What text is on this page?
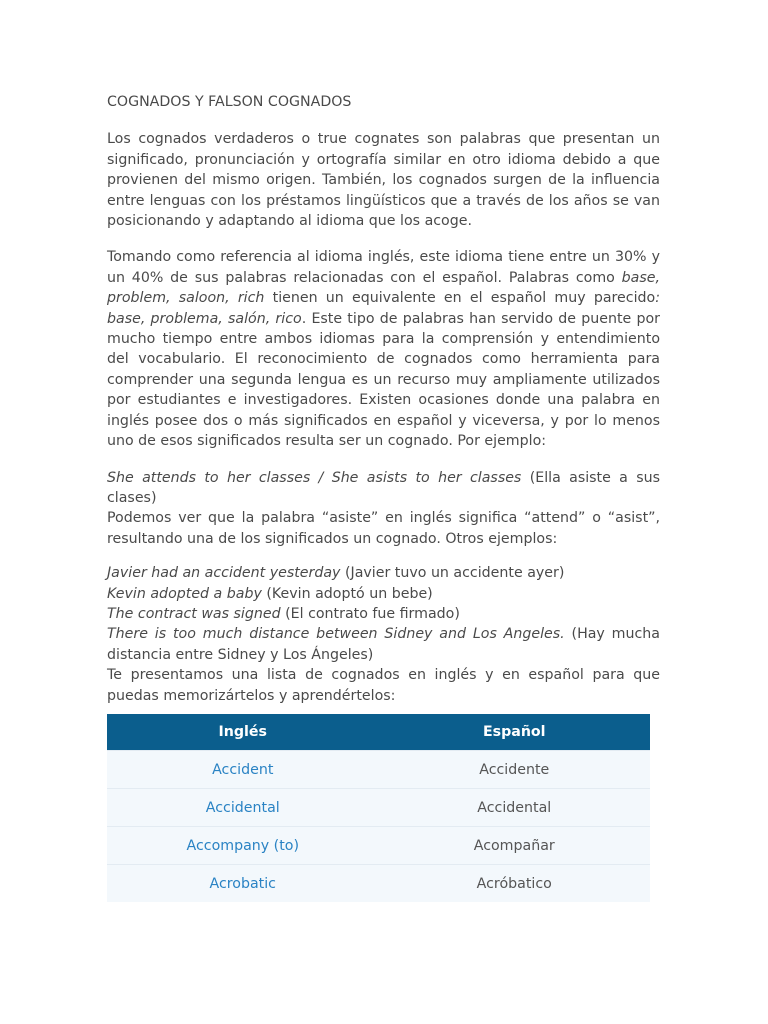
COGNADOS Y FALSON COGNADOS

Los cognados verdaderos o true cognates son palabras que presentan un significado, pronunciación y ortografía similar en otro idioma debido a que provienen del mismo origen. También, los cognados surgen de la influencia entre lenguas con los préstamos lingüísticos que a través de los años se van posicionando y adaptando al idioma que los acoge.

Tomando como referencia al idioma inglés, este idioma tiene entre un 30% y un 40% de sus palabras relacionadas con el español. Palabras como base, problem, saloon, rich tienen un equivalente en el español muy parecido: base, problema, salón, rico. Este tipo de palabras han servido de puente por mucho tiempo entre ambos idiomas para la comprensión y entendimiento del vocabulario. El reconocimiento de cognados como herramienta para comprender una segunda lengua es un recurso muy ampliamente utilizados por estudiantes e investigadores. Existen ocasiones donde una palabra en inglés posee dos o más significados en español y viceversa, y por lo menos uno de esos significados resulta ser un cognado. Por ejemplo:

She attends to her classes / She asists to her classes (Ella asiste a sus clases)

Podemos ver que la palabra “asiste” en inglés significa “attend” o “asist”, resultando una de los significados un cognado. Otros ejemplos:

Javier had an accident yesterday (Javier tuvo un accidente ayer)

Kevin adopted a baby (Kevin adoptó un bebe)

The contract was signed (El contrato fue firmado)

There is too much distance between Sidney and Los Angeles. (Hay mucha distancia entre Sidney y Los Ángeles)

Te presentamos una lista de cognados en inglés y en español para que puedas memorizártelos y aprendértelos:

Inglés	Español
Accident	Accidente
Accidental	Accidental
Accompany (to)	Acompañar
Acrobatic	Acróbatico
